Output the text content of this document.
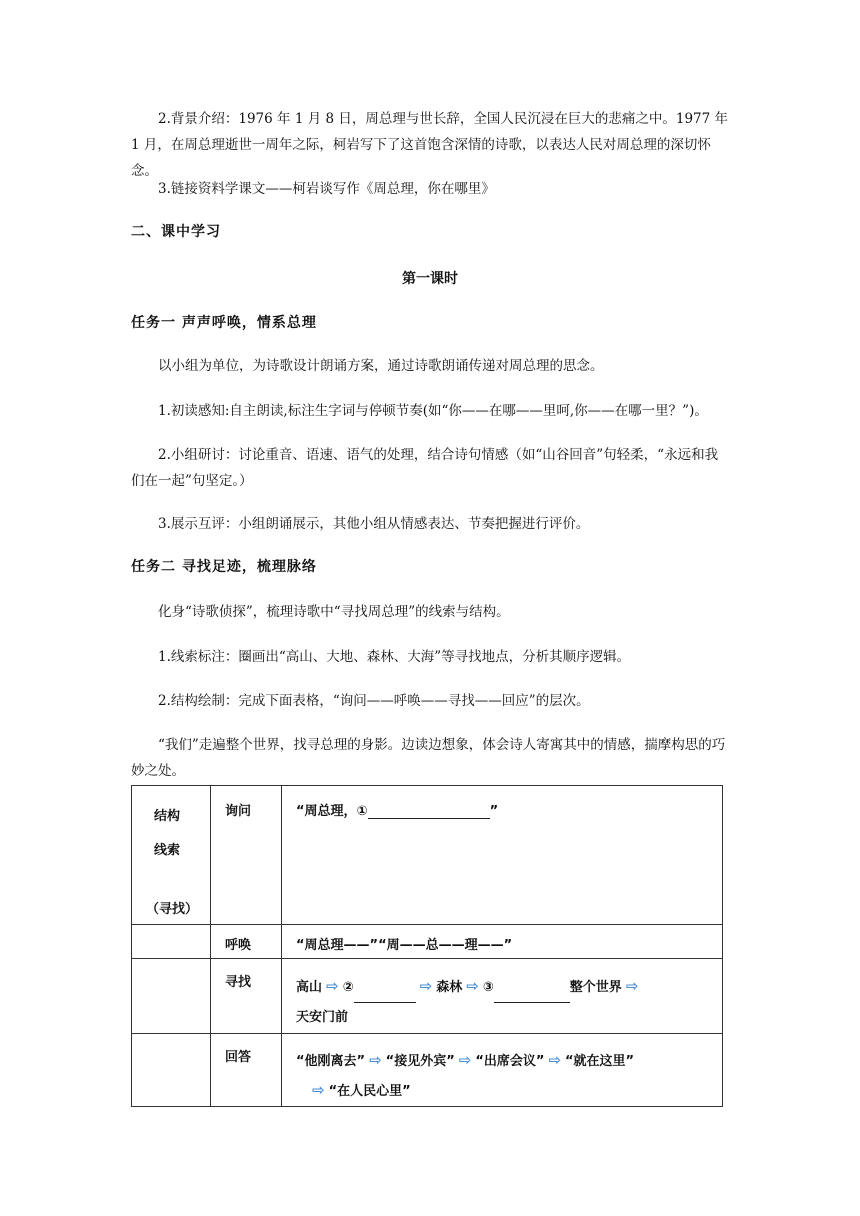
2.背景介绍：1976 年 1 月 8 日，周总理与世长辞，全国人民沉浸在巨大的悲痛之中。1977 年 1 月，在周总理逝世一周年之际，柯岩写下了这首饱含深情的诗歌，以表达人民对周总理的深切怀念。
3.链接资料学课文——柯岩谈写作《周总理，你在哪里》
二、课中学习
第一课时
任务一 声声呼唤，情系总理
以小组为单位，为诗歌设计朗诵方案，通过诗歌朗诵传递对周总理的思念。
1.初读感知:自主朗读,标注生字词与停顿节奏(如“你——在哪——里呵,你——在哪一里？”)。
2.小组研讨：讨论重音、语速、语气的处理，结合诗句情感（如“山谷回音”句轻柔，“永远和我们在一起”句坚定。）
3.展示互评：小组朗诵展示，其他小组从情感表达、节奏把握进行评价。
任务二 寻找足迹，梳理脉络
化身“诗歌侦探”，梳理诗歌中“寻找周总理”的线索与结构。
1.线索标注：圈画出“高山、大地、森林、大海”等寻找地点，分析其顺序逻辑。
2.结构绘制：完成下面表格，“询问——呼唤——寻找——回应”的层次。
“我们”走遍整个世界，找寻总理的身影。边读边想象，体会诗人寄寓其中的情感，揣摩构思的巧妙之处。
结构
线索
（寻找）	询问	“周总理，① ”

	呼唤	“周总理——”“周——总——理——”

	寻找	高山 ⇨ ② ⇨ 森林 ⇨ ③ 整个世界 ⇨
天安门前

	回答	“他刚离去” ⇨ “接见外宾” ⇨ “出席会议” ⇨ “就在这里”
⇨ “在人民心里”
